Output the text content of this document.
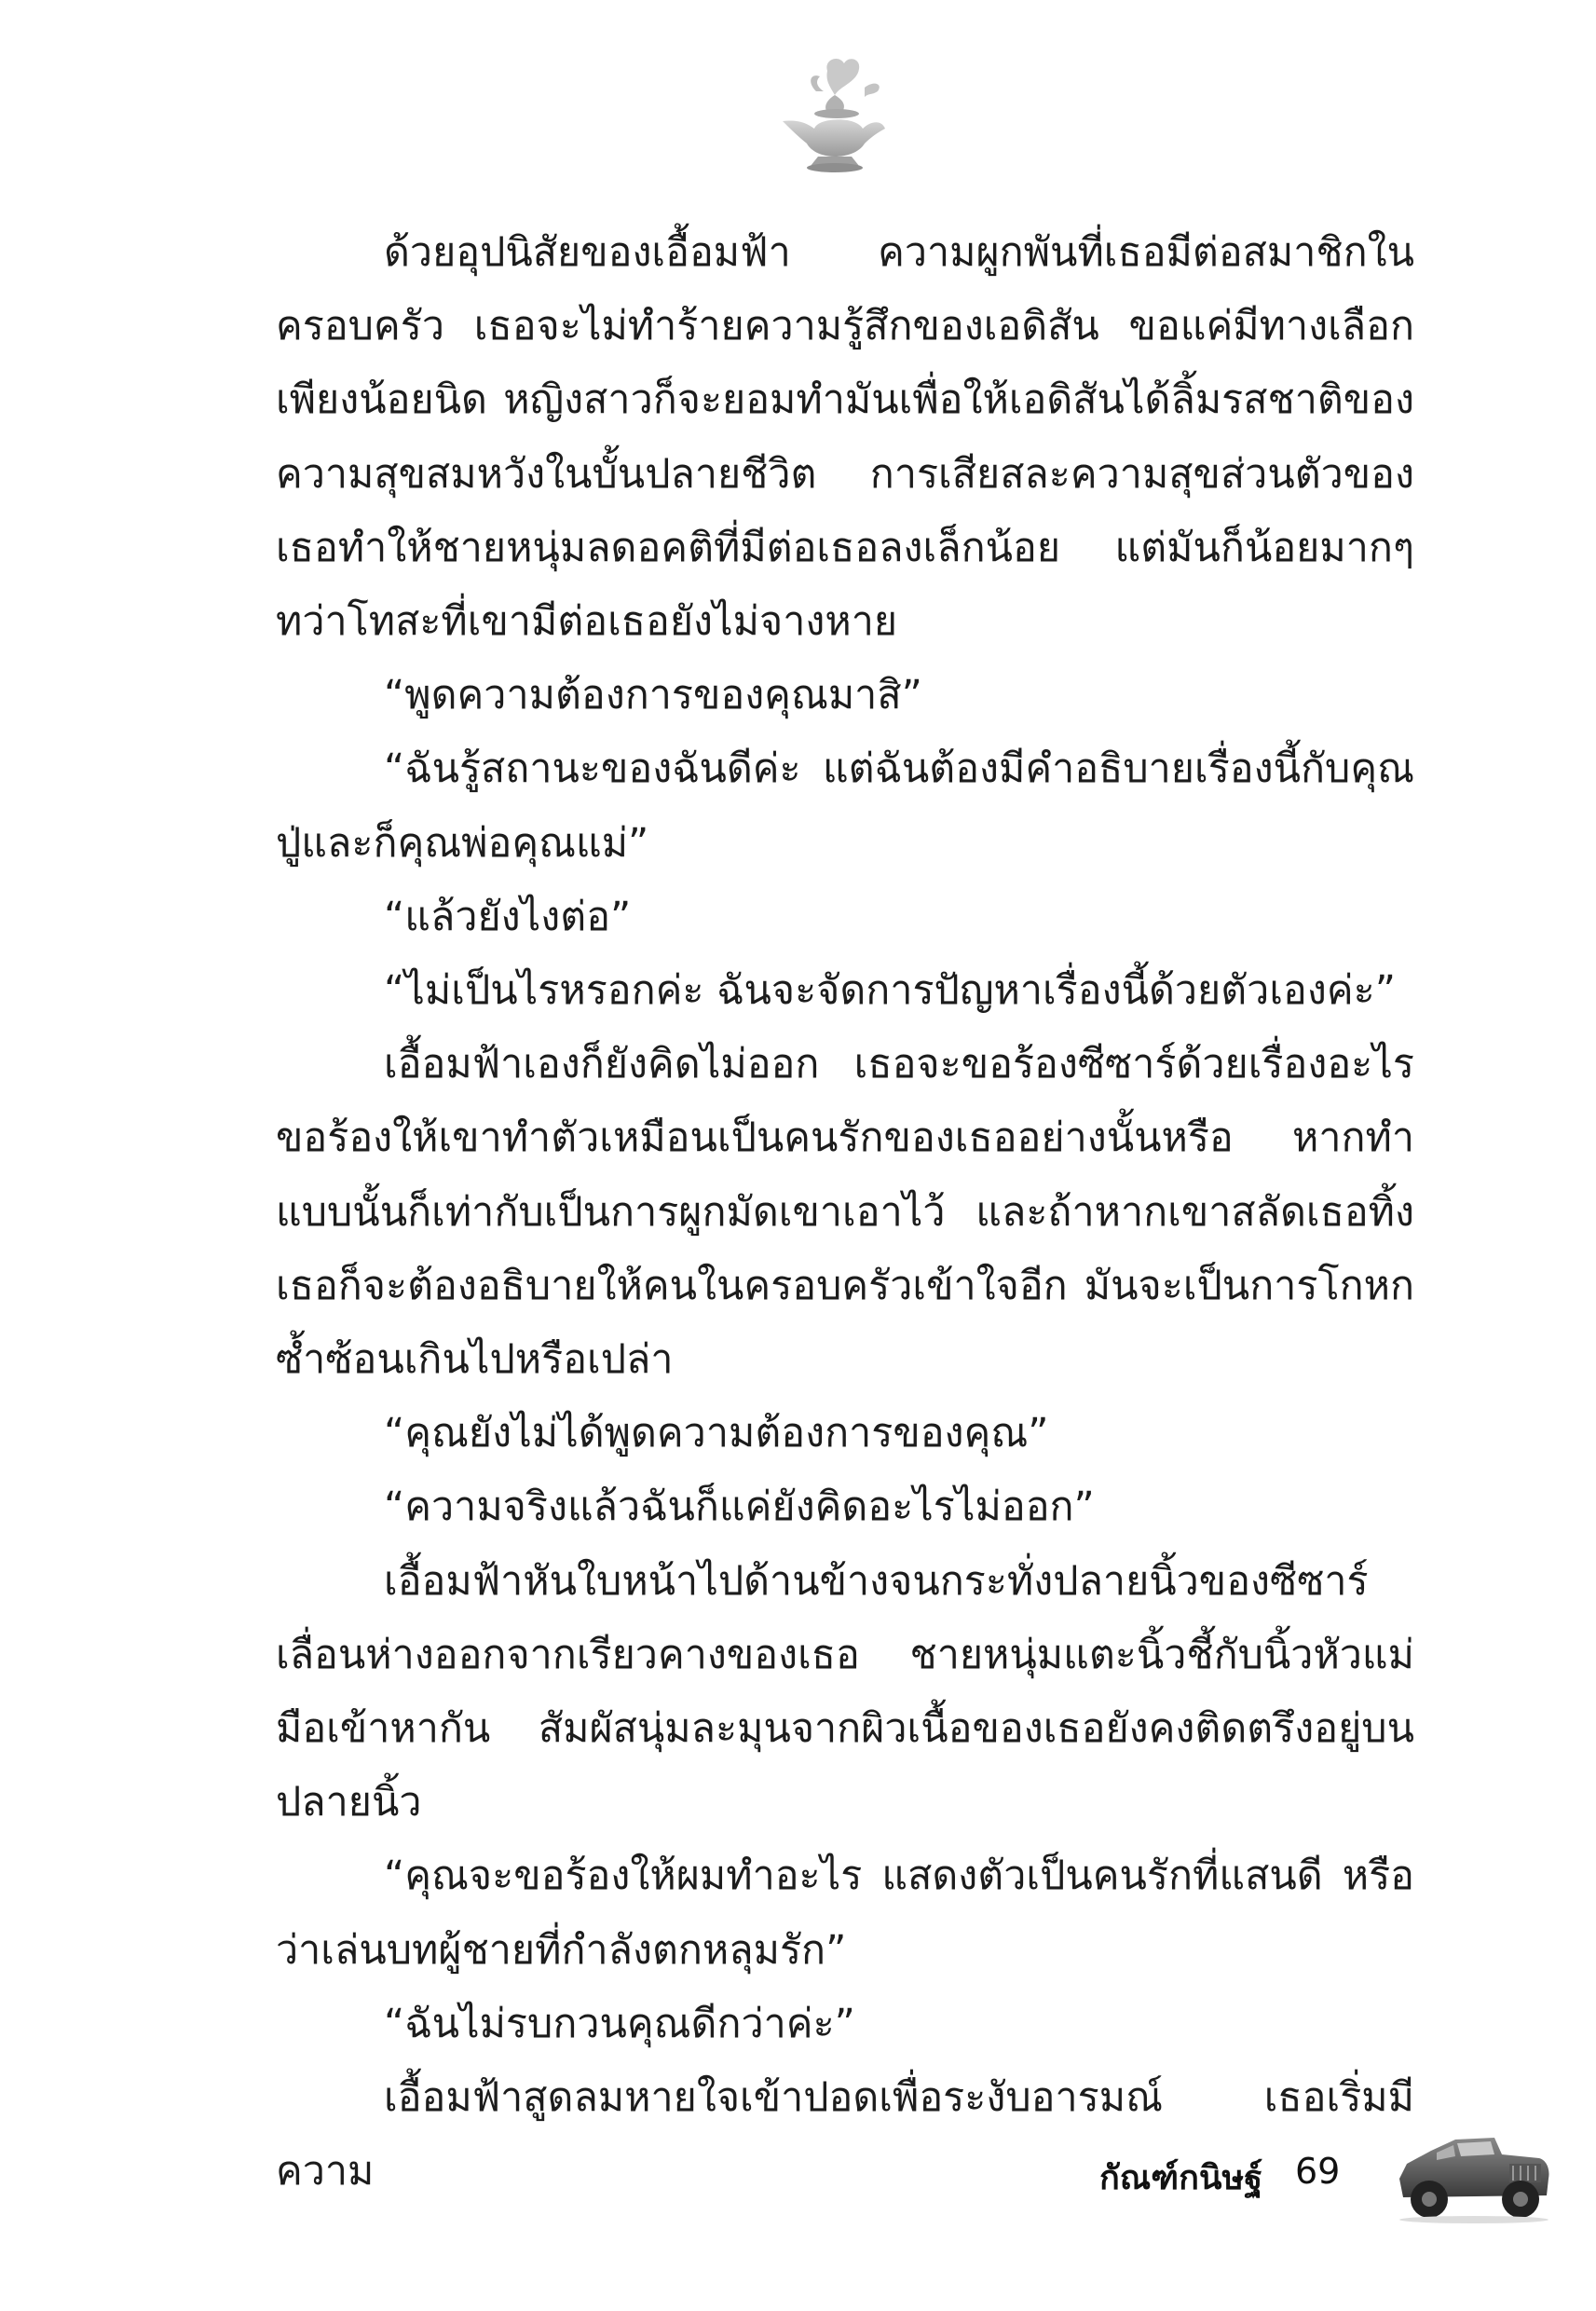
ด้วยอุปนิสัยของเอื้อมฟ้า ความผูกพันที่เธอมีต่อสมาชิกในครอบครัว เธอจะไม่ทำร้ายความรู้สึกของเอดิสัน ขอแค่มีทางเลือกเพียงน้อยนิด หญิงสาวก็จะยอมทำมันเพื่อให้เอดิสันได้ลิ้มรสชาติของความสุขสมหวังในบั้นปลายชีวิต การเสียสละความสุขส่วนตัวของเธอทำให้ชายหนุ่มลดอคติที่มีต่อเธอลงเล็กน้อย แต่มันก็น้อยมากๆ ทว่าโทสะที่เขามีต่อเธอยังไม่จางหาย

“พูดความต้องการของคุณมาสิ”

“ฉันรู้สถานะของฉันดีค่ะ แต่ฉันต้องมีคำอธิบายเรื่องนี้กับคุณปู่และก็คุณพ่อคุณแม่”

“แล้วยังไงต่อ”

“ไม่เป็นไรหรอกค่ะ ฉันจะจัดการปัญหาเรื่องนี้ด้วยตัวเองค่ะ”

เอื้อมฟ้าเองก็ยังคิดไม่ออก เธอจะขอร้องซีซาร์ด้วยเรื่องอะไร ขอร้องให้เขาทำตัวเหมือนเป็นคนรักของเธออย่างนั้นหรือ หากทำแบบนั้นก็เท่ากับเป็นการผูกมัดเขาเอาไว้ และถ้าหากเขาสลัดเธอทิ้ง เธอก็จะต้องอธิบายให้คนในครอบครัวเข้าใจอีก มันจะเป็นการโกหกซ้ำซ้อนเกินไปหรือเปล่า

“คุณยังไม่ได้พูดความต้องการของคุณ”

“ความจริงแล้วฉันก็แค่ยังคิดอะไรไม่ออก”

เอื้อมฟ้าหันใบหน้าไปด้านข้างจนกระทั่งปลายนิ้วของซีซาร์เลื่อนห่างออกจากเรียวคางของเธอ ชายหนุ่มแตะนิ้วชี้กับนิ้วหัวแม่มือเข้าหากัน สัมผัสนุ่มละมุนจากผิวเนื้อของเธอยังคงติดตรึงอยู่บนปลายนิ้ว

“คุณจะขอร้องให้ผมทำอะไร แสดงตัวเป็นคนรักที่แสนดี หรือว่าเล่นบทผู้ชายที่กำลังตกหลุมรัก”

“ฉันไม่รบกวนคุณดีกว่าค่ะ”

เอื้อมฟ้าสูดลมหายใจเข้าปอดเพื่อระงับอารมณ์ เธอเริ่มมีความ	กัณฑ์กนิษฐ์ 69
